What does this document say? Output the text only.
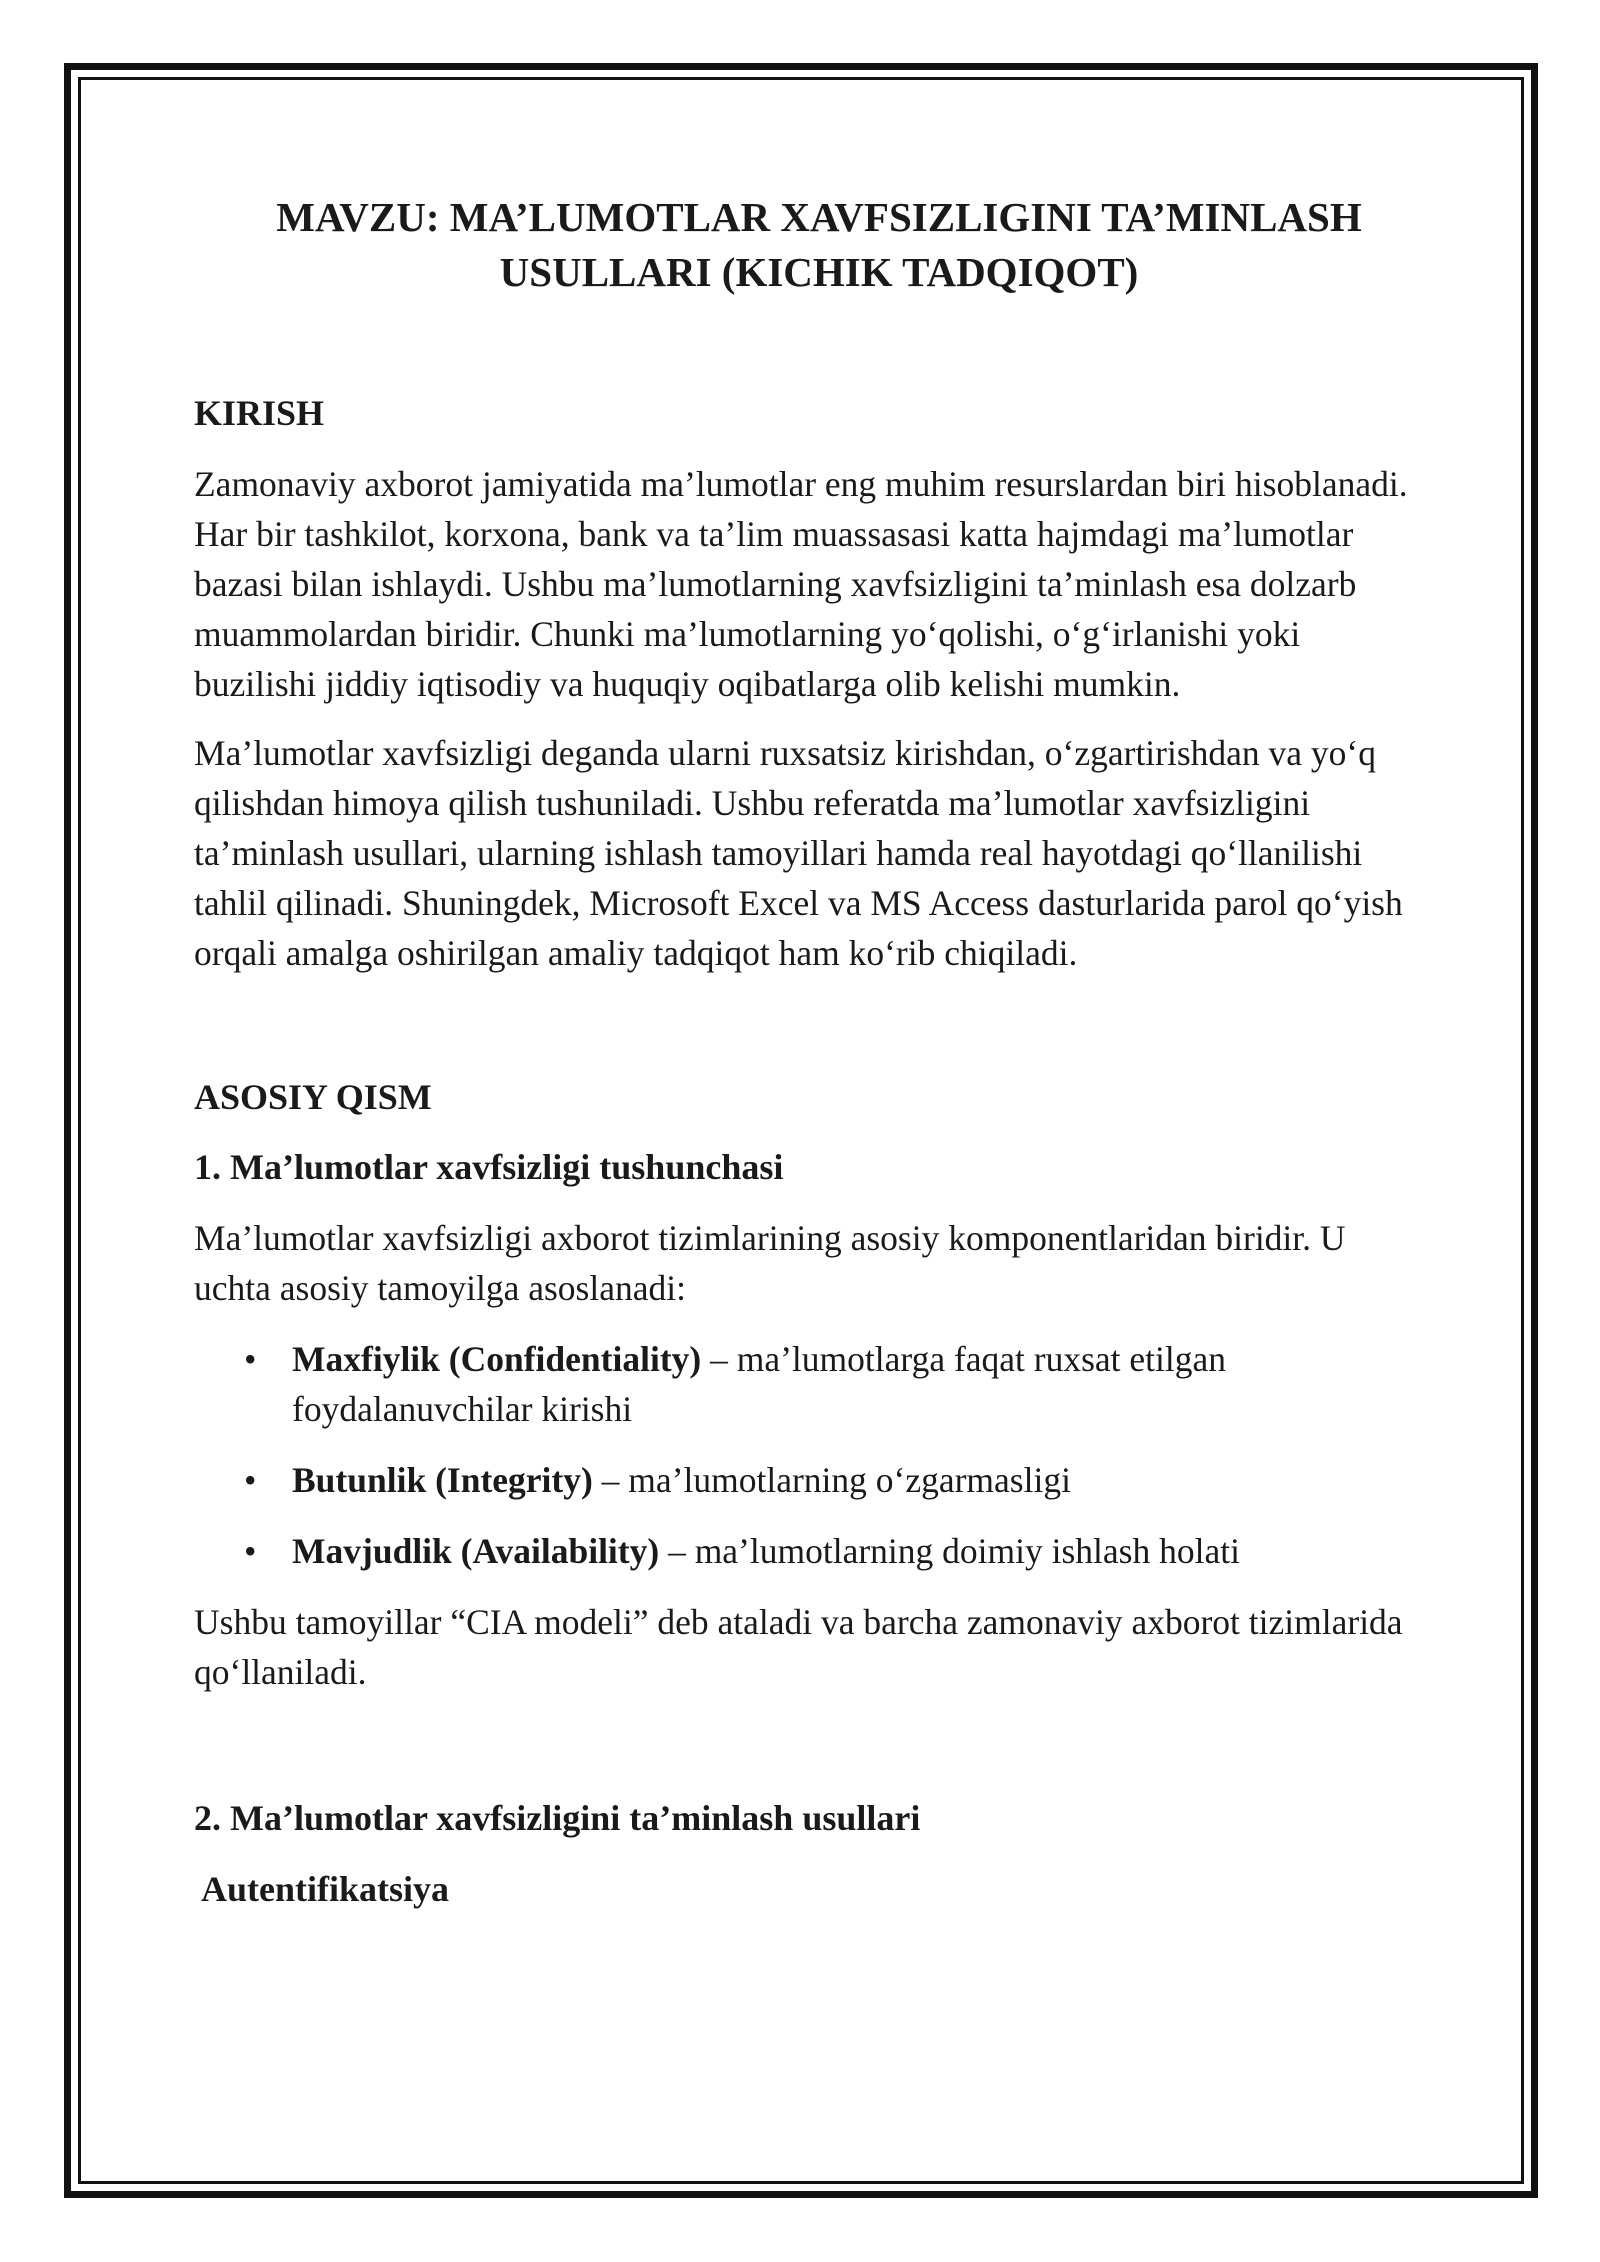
MAVZU: MA’LUMOTLAR XAVFSIZLIGINI TA’MINLASH
USULLARI (KICHIK TADQIQOT)
KIRISH

Zamonaviy axborot jamiyatida ma’lumotlar eng muhim resurslardan biri hisoblanadi. Har bir tashkilot, korxona, bank va ta’lim muassasasi katta hajmdagi ma’lumotlar bazasi bilan ishlaydi. Ushbu ma’lumotlarning xavfsizligini ta’minlash esa dolzarb muammolardan biridir. Chunki ma’lumotlarning yo‘qolishi, o‘g‘irlanishi yoki buzilishi jiddiy iqtisodiy va huquqiy oqibatlarga olib kelishi mumkin.

Ma’lumotlar xavfsizligi deganda ularni ruxsatsiz kirishdan, o‘zgartirishdan va yo‘q qilishdan himoya qilish tushuniladi. Ushbu referatda ma’lumotlar xavfsizligini ta’minlash usullari, ularning ishlash tamoyillari hamda real hayotdagi qo‘llanilishi tahlil qilinadi. Shuningdek, Microsoft Excel va MS Access dasturlarida parol qo‘yish orqali amalga oshirilgan amaliy tadqiqot ham ko‘rib chiqiladi.

ASOSIY QISM
1. Ma’lumotlar xavfsizligi tushunchasi

Ma’lumotlar xavfsizligi axborot tizimlarining asosiy komponentlaridan biridir. U uchta asosiy tamoyilga asoslanadi:

• Maxfiylik (Confidentiality) – ma’lumotlarga faqat ruxsat etilgan foydalanuvchilar kirishi
• Butunlik (Integrity) – ma’lumotlarning o‘zgarmasligi
• Mavjudlik (Availability) – ma’lumotlarning doimiy ishlash holati

Ushbu tamoyillar “CIA modeli” deb ataladi va barcha zamonaviy axborot tizimlarida qo‘llaniladi.

2. Ma’lumotlar xavfsizligini ta’minlash usullari
Autentifikatsiya
